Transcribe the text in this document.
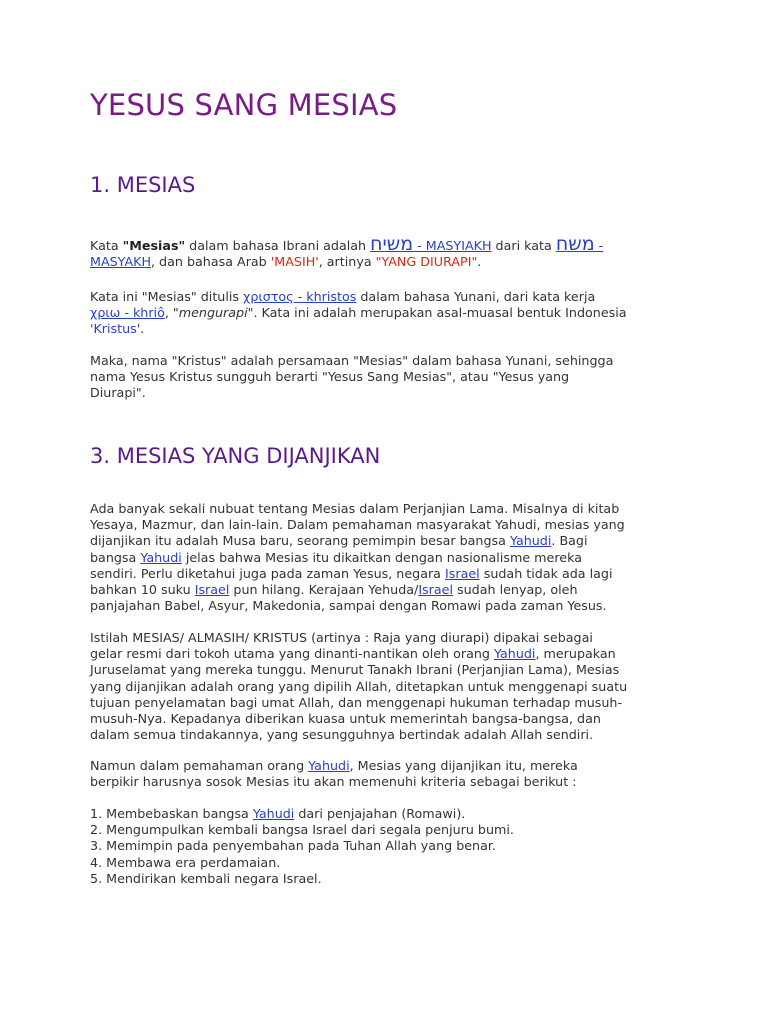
YESUS SANG MESIAS
1. MESIAS
Kata "Mesias" dalam bahasa Ibrani adalah משיח - MASYIAKH dari kata משח -
MASYAKH, dan bahasa Arab 'MASIH', artinya "YANG DIURAPI".
Kata ini "Mesias" ditulis χριστος - khristos dalam bahasa Yunani, dari kata kerja
χριω - khriô, "mengurapi". Kata ini adalah merupakan asal-muasal bentuk Indonesia
'Kristus'.
Maka, nama "Kristus" adalah persamaan "Mesias" dalam bahasa Yunani, sehingga
nama Yesus Kristus sungguh berarti "Yesus Sang Mesias", atau "Yesus yang
Diurapi".
3. MESIAS YANG DIJANJIKAN
Ada banyak sekali nubuat tentang Mesias dalam Perjanjian Lama. Misalnya di kitab
Yesaya, Mazmur, dan lain-lain. Dalam pemahaman masyarakat Yahudi, mesias yang
dijanjikan itu adalah Musa baru, seorang pemimpin besar bangsa Yahudi. Bagi
bangsa Yahudi jelas bahwa Mesias itu dikaitkan dengan nasionalisme mereka
sendiri. Perlu diketahui juga pada zaman Yesus, negara Israel sudah tidak ada lagi
bahkan 10 suku Israel pun hilang. Kerajaan Yehuda/Israel sudah lenyap, oleh
panjajahan Babel, Asyur, Makedonia, sampai dengan Romawi pada zaman Yesus.
Istilah MESIAS/ ALMASIH/ KRISTUS (artinya : Raja yang diurapi) dipakai sebagai
gelar resmi dari tokoh utama yang dinanti-nantikan oleh orang Yahudi, merupakan
Juruselamat yang mereka tunggu. Menurut Tanakh Ibrani (Perjanjian Lama), Mesias
yang dijanjikan adalah orang yang dipilih Allah, ditetapkan untuk menggenapi suatu
tujuan penyelamatan bagi umat Allah, dan menggenapi hukuman terhadap musuh-
musuh-Nya. Kepadanya diberikan kuasa untuk memerintah bangsa-bangsa, dan
dalam semua tindakannya, yang sesungguhnya bertindak adalah Allah sendiri.
Namun dalam pemahaman orang Yahudi, Mesias yang dijanjikan itu, mereka
berpikir harusnya sosok Mesias itu akan memenuhi kriteria sebagai berikut :
1. Membebaskan bangsa Yahudi dari penjajahan (Romawi).
2. Mengumpulkan kembali bangsa Israel dari segala penjuru bumi.
3. Memimpin pada penyembahan pada Tuhan Allah yang benar.
4. Membawa era perdamaian.
5. Mendirikan kembali negara Israel.
